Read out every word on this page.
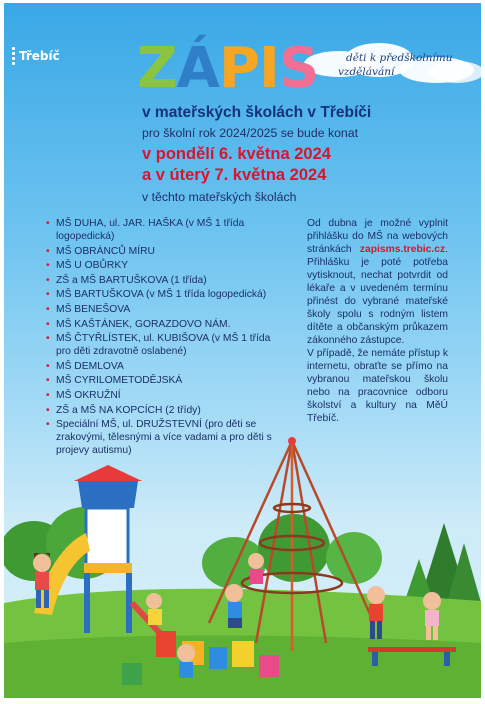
Třebíč ZÁPIS	děti k předškolnímu
vzdělávání
v mateřských školách v Třebíči
pro školní rok 2024/2025 se bude konat
v pondělí 6. května 2024
a v úterý 7. května 2024
v těchto mateřských školách
• MŠ DUHA, ul. JAR. HAŠKA (v MŠ 1 třída logopedická)
• MŠ OBRÁNCŮ MÍRU
• MŠ U OBŮRKY
• ZŠ a MŠ BARTUŠKOVA (1 třída)
• MŠ BARTUŠKOVA (v MŠ 1 třída logopedická)
• MŠ BENEŠOVA
• MŠ KAŠTÁNEK, GORAZDOVO NÁM.
• MŠ ČTYŘLÍSTEK, ul. KUBIŠOVA (v MŠ 1 třída pro děti zdravotně oslabené)
• MŠ DEMLOVA
• MŠ CYRILOMETODĚJSKÁ
• MŠ OKRUŽNÍ
• ZŠ a MŠ NA KOPCÍCH (2 třídy)
• Speciální MŠ, ul. DRUŽSTEVNÍ (pro děti se zrakovými, tělesnými a více vadami a pro děti s projevy autismu)

Od dubna je možné vyplnit přihlášku do MŠ na webových stránkách zapisms.trebic.cz. Přihlášku je poté potřeba vytisknout, nechat potvrdit od lékaře a v uvedeném termínu přinést do vybrané mateřské školy spolu s rodným listem dítěte a občanským průkazem zákonného zástupce.

V případě, že nemáte přístup k internetu, obraťte se přímo na vybranou mateřskou školu nebo na pracovnice odboru školství a kultury na MěÚ Třebíč.
